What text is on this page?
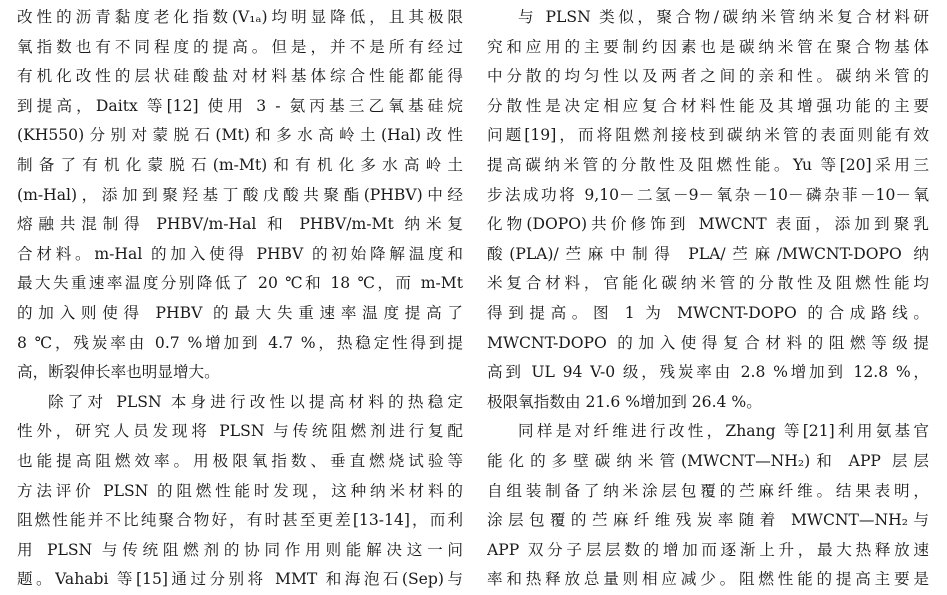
改性的沥青黏度老化指数(V₁ₐ)均明显降低，且其极限
氧指数也有不同程度的提高。但是，并不是所有经过
有机化改性的层状硅酸盐对材料基体综合性能都能得
到提高，Daitx 等[12] 使用 3 - 氨丙基三乙氧基硅烷
(KH550)分别对蒙脱石(Mt)和多水高岭土(Hal)改性
制备了有机化蒙脱石(m-Mt)和有机化多水高岭土
(m-Hal)，添加到聚羟基丁酸戊酸共聚酯(PHBV)中经
熔融共混制得 PHBV/m-Hal 和 PHBV/m-Mt 纳米复
合材料。m-Hal 的加入使得 PHBV 的初始降解温度和
最大失重速率温度分别降低了 20 ℃和 18 ℃，而 m-Mt
的加入则使得 PHBV 的最大失重速率温度提高了
8 ℃，残炭率由 0.7 %增加到 4.7 %，热稳定性得到提
高，断裂伸长率也明显增大。
除了对 PLSN 本身进行改性以提高材料的热稳定
性外，研究人员发现将 PLSN 与传统阻燃剂进行复配
也能提高阻燃效率。用极限氧指数、垂直燃烧试验等
方法评价 PLSN 的阻燃性能时发现，这种纳米材料的
阻燃性能并不比纯聚合物好，有时甚至更差[13-14]，而利
用 PLSN 与传统阻燃剂的协同作用则能解决这一问
题。Vahabi 等[15]通过分别将 MMT 和海泡石(Sep)与
与 PLSN 类似，聚合物/碳纳米管纳米复合材料研
究和应用的主要制约因素也是碳纳米管在聚合物基体
中分散的均匀性以及两者之间的亲和性。碳纳米管的
分散性是决定相应复合材料性能及其增强功能的主要
问题[19]，而将阻燃剂接枝到碳纳米管的表面则能有效
提高碳纳米管的分散性及阻燃性能。Yu 等[20]采用三
步法成功将 9,10－二氢－9－氧杂－10－磷杂菲－10－氧
化物(DOPO)共价修饰到 MWCNT 表面，添加到聚乳
酸(PLA)/苎麻中制得 PLA/苎麻/MWCNT-DOPO 纳
米复合材料，官能化碳纳米管的分散性及阻燃性能均
得到提高。图 1 为 MWCNT-DOPO 的合成路线。
MWCNT-DOPO 的加入使得复合材料的阻燃等级提
高到 UL 94 V-0 级，残炭率由 2.8 %增加到 12.8 %，
极限氧指数由 21.6 %增加到 26.4 %。
同样是对纤维进行改性，Zhang 等[21]利用氨基官
能化的多壁碳纳米管(MWCNT—NH₂)和 APP 层层
自组装制备了纳米涂层包覆的苎麻纤维。结果表明，
涂层包覆的苎麻纤维残炭率随着 MWCNT—NH₂与
APP 双分子层层数的增加而逐渐上升，最大热释放速
率和热释放总量则相应减少。阻燃性能的提高主要是
